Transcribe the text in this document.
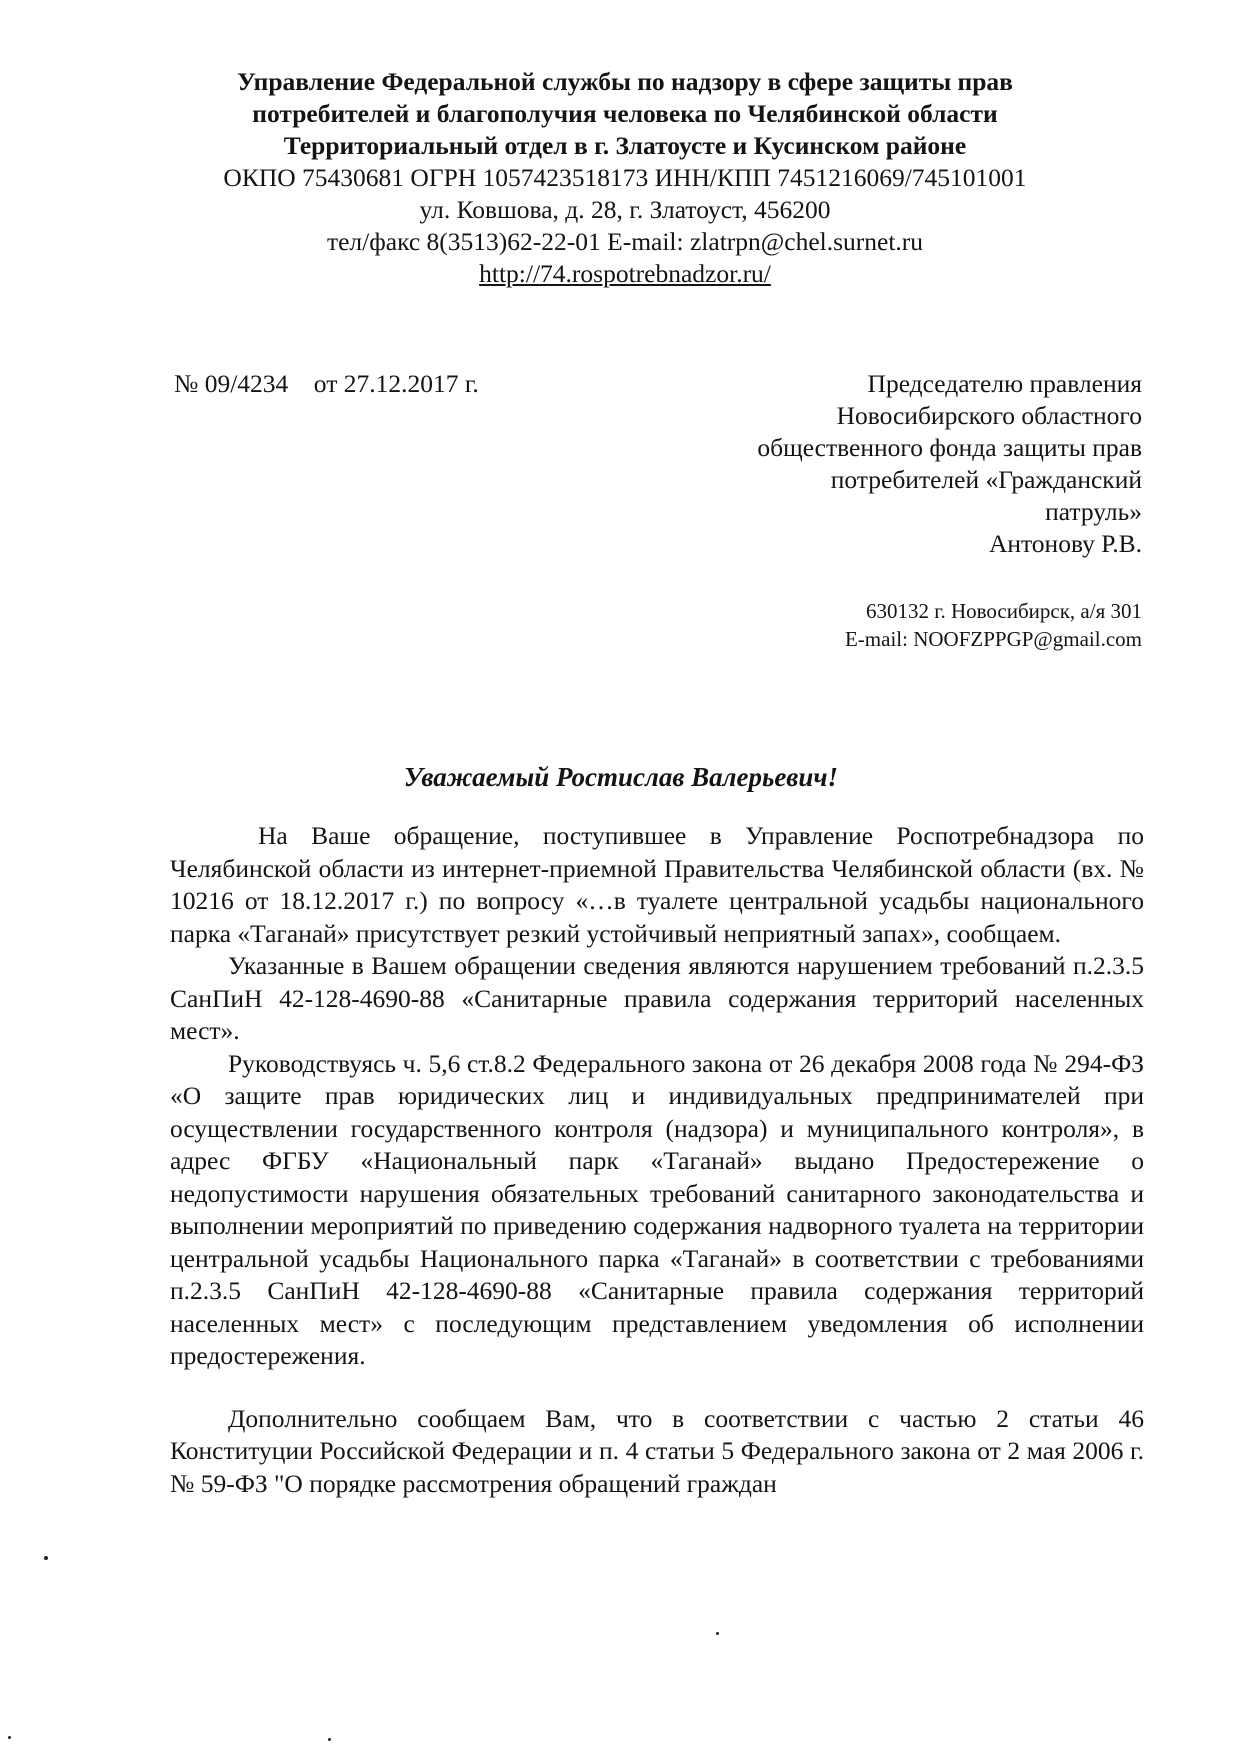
Управление Федеральной службы по надзору в сфере защиты прав
потребителей и благополучия человека по Челябинской области
Территориальный отдел в г. Златоусте и Кусинском районе
ОКПО 75430681 ОГРН 1057423518173 ИНН/КПП 7451216069/745101001
ул. Ковшова, д. 28, г. Златоуст, 456200
тел/факс 8(3513)62-22-01 E-mail: zlatrpn@chel.surnet.ru
http://74.rospotrebnadzor.ru/
№ 09/4234 от 27.12.2017 г.	Председателю правления
Новосибирского областного
общественного фонда защиты прав
потребителей «Гражданский
патруль»
Антонову Р.В.
630132 г. Новосибирск, а/я 301
E-mail: NOOFZPPGP@gmail.com
Уважаемый Ростислав Валерьевич!

На Ваше обращение, поступившее в Управление Роспотребнадзора по Челябинской области из интернет-приемной Правительства Челябинской области (вх. № 10216 от 18.12.2017 г.) по вопросу «…в туалете центральной усадьбы национального парка «Таганай» присутствует резкий устойчивый неприятный запах», сообщаем.

Указанные в Вашем обращении сведения являются нарушением требований п.2.3.5 СанПиН 42-128-4690-88 «Санитарные правила содержания территорий населенных мест».

Руководствуясь ч. 5,6 ст.8.2 Федерального закона от 26 декабря 2008 года № 294-ФЗ «О защите прав юридических лиц и индивидуальных предпринимателей при осуществлении государственного контроля (надзора) и муниципального контроля», в адрес ФГБУ «Национальный парк «Таганай» выдано Предостережение о недопустимости нарушения обязательных требований санитарного законодательства и выполнении мероприятий по приведению содержания надворного туалета на территории центральной усадьбы Национального парка «Таганай» в соответствии с требованиями п.2.3.5 СанПиН 42-128-4690-88 «Санитарные правила содержания территорий населенных мест» с последующим представлением уведомления об исполнении предостережения.

Дополнительно сообщаем Вам, что в соответствии с частью 2 статьи 46 Конституции Российской Федерации и п. 4 статьи 5 Федерального закона от 2 мая 2006 г. № 59-ФЗ "О порядке рассмотрения обращений граждан
